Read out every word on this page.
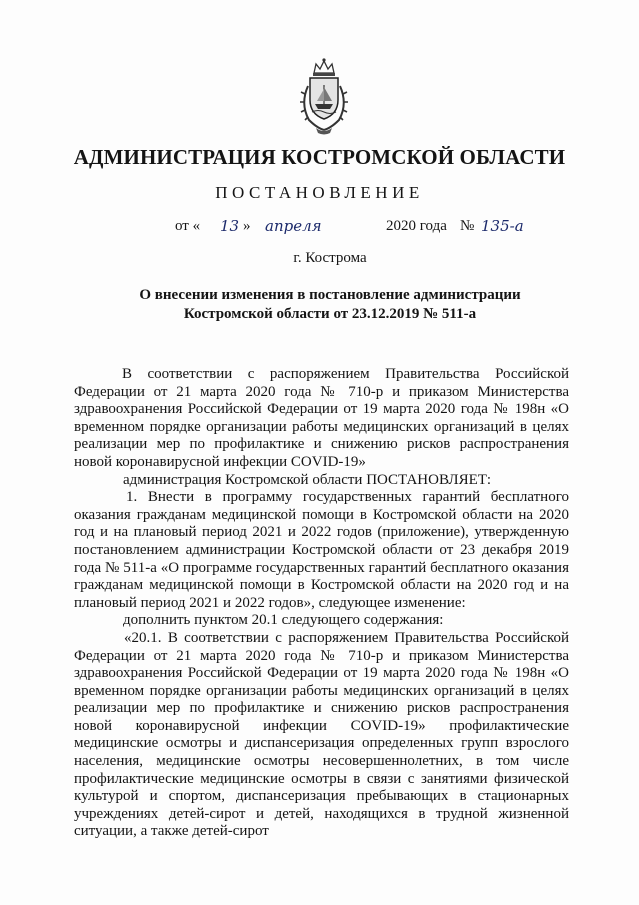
АДМИНИСТРАЦИЯ КОСТРОМСКОЙ ОБЛАСТИ
ПОСТАНОВЛЕНИЕ
от « 13 » апреля	2020 года № 135-а
г. Кострома
О внесении изменения в постановление администрации
Костромской области от 23.12.2019 № 511-а

В соответствии с распоряжением Правительства Российской Федерации от 21 марта 2020 года № 710-р и приказом Министерства здравоохранения Российской Федерации от 19 марта 2020 года № 198н «О временном порядке организации работы медицинских организаций в целях реализации мер по профилактике и снижению рисков распространения новой коронавирусной инфекции COVID-19»

администрация Костромской области ПОСТАНОВЛЯЕТ:

1. Внести в программу государственных гарантий бесплатного оказания гражданам медицинской помощи в Костромской области на 2020 год и на плановый период 2021 и 2022 годов (приложение), утвержденную постановлением администрации Костромской области от 23 декабря 2019 года № 511-а «О программе государственных гарантий бесплатного оказания гражданам медицинской помощи в Костромской области на 2020 год и на плановый период 2021 и 2022 годов», следующее изменение:

дополнить пунктом 20.1 следующего содержания:

«20.1. В соответствии с распоряжением Правительства Российской Федерации от 21 марта 2020 года № 710-р и приказом Министерства здравоохранения Российской Федерации от 19 марта 2020 года № 198н «О временном порядке организации работы медицинских организаций в целях реализации мер по профилактике и снижению рисков распространения новой коронавирусной инфекции COVID-19» профилактические медицинские осмотры и диспансеризация определенных групп взрослого населения, медицинские осмотры несовершеннолетних, в том числе профилактические медицинские осмотры в связи с занятиями физической культурой и спортом, диспансеризация пребывающих в стационарных учреждениях детей-сирот и детей, находящихся в трудной жизненной ситуации, а также детей-сирот
